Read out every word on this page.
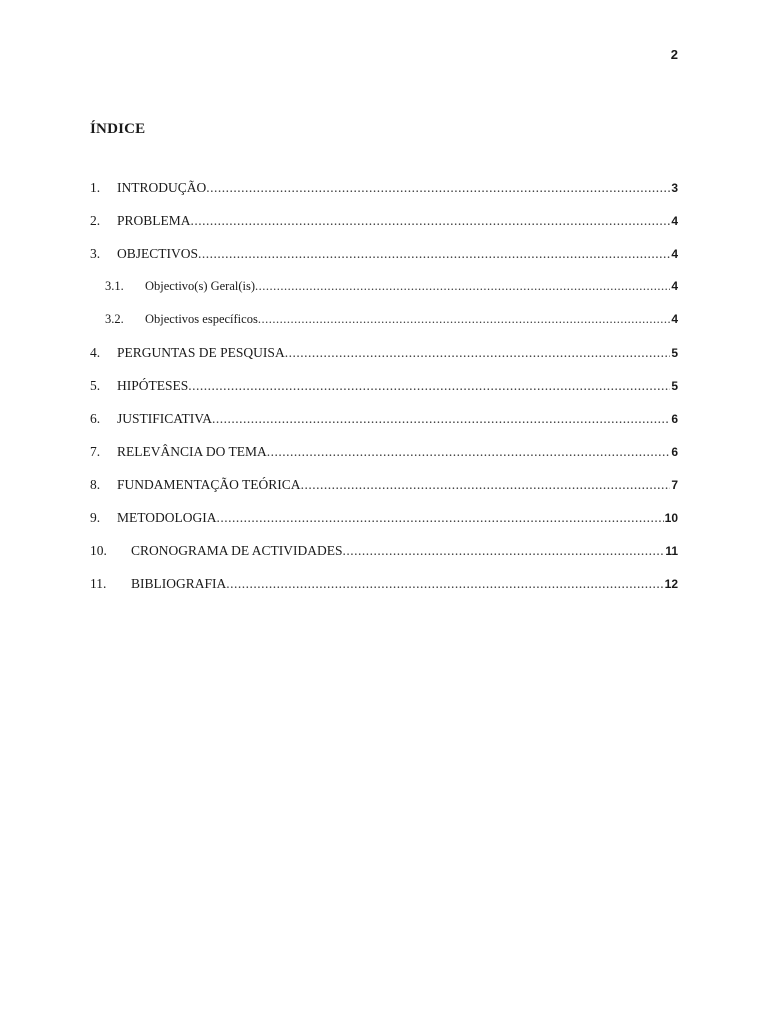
2
ÍNDICE
1.	INTRODUÇÃO .....	3
2.	PROBLEMA .....	4
3.	OBJECTIVOS .....	4
3.1.	Objectivo(s) Geral(is) .....	4
3.2.	Objectivos específicos .....	4
4.	PERGUNTAS DE PESQUISA .....	5
5.	HIPÓTESES .....	5
6.	JUSTIFICATIVA .....	6
7.	RELEVÂNCIA DO TEMA .....	6
8.	FUNDAMENTAÇÃO TEÓRICA .....	7
9.	METODOLOGIA .....	10
10.	CRONOGRAMA DE ACTIVIDADES .....	11
11.	BIBLIOGRAFIA .....	12
